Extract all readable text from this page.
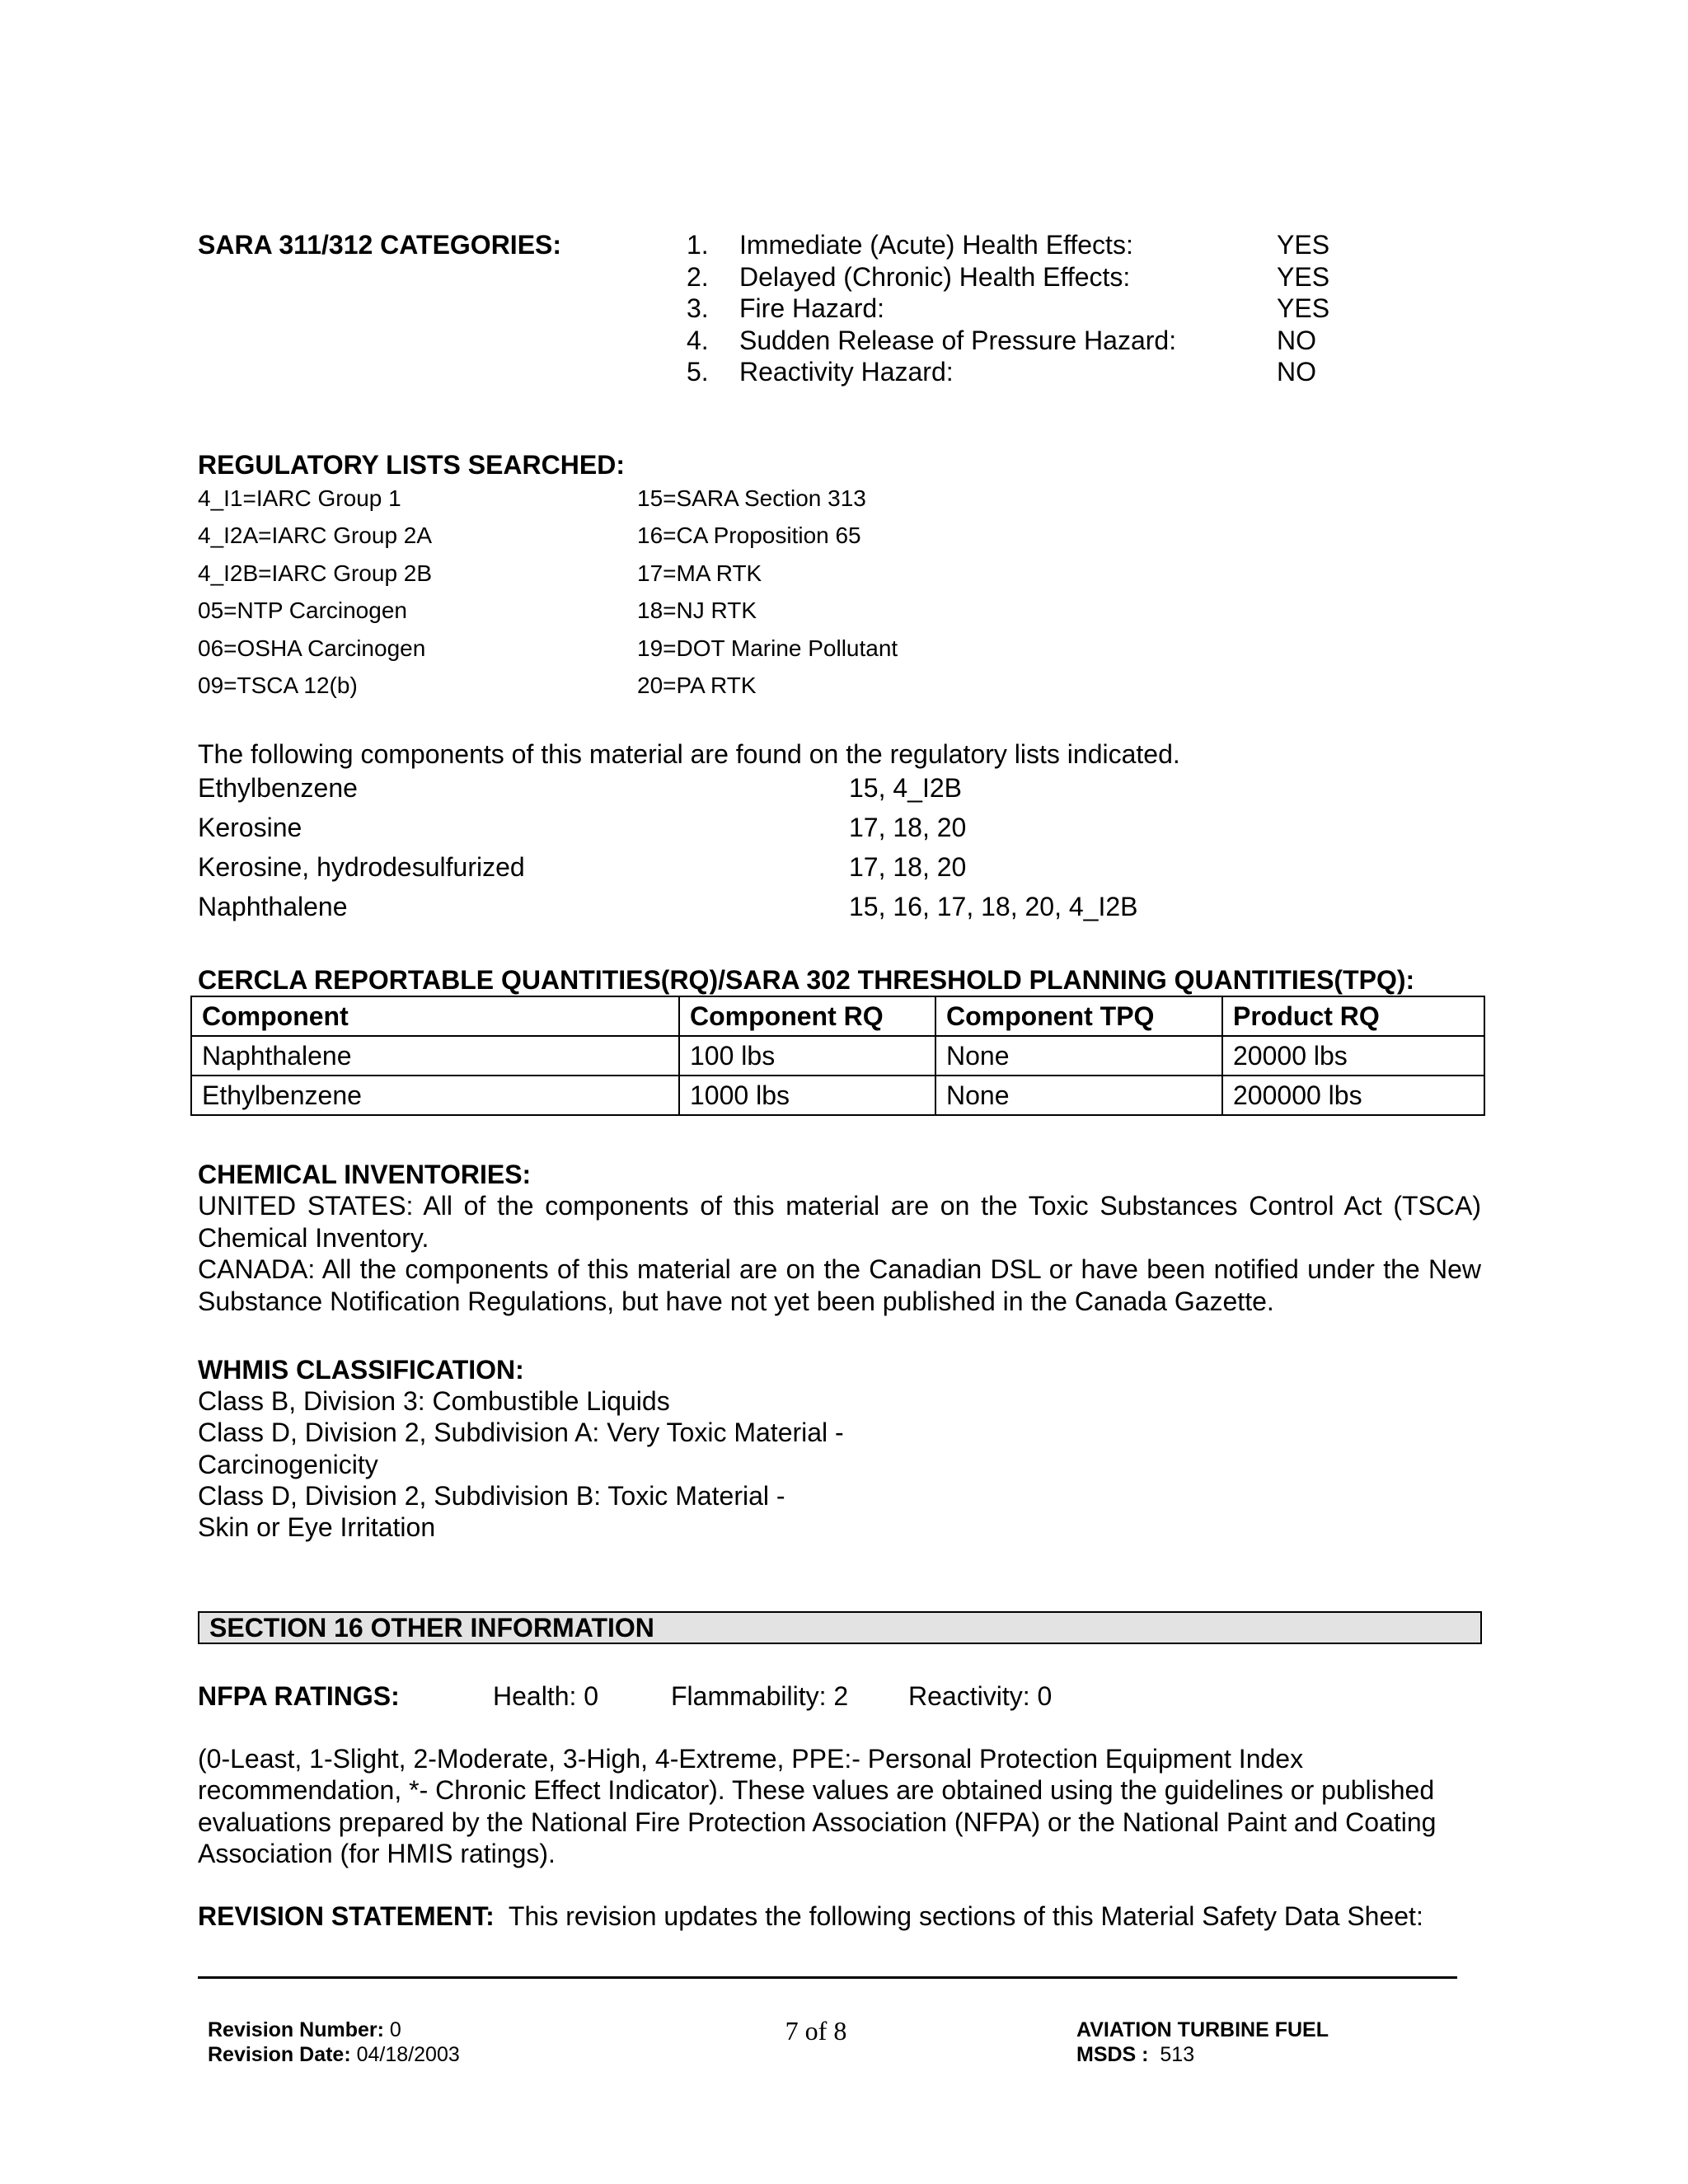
SARA 311/312 CATEGORIES:	1.	Immediate (Acute) Health Effects:	YES
2.	Delayed (Chronic) Health Effects:	YES
3.	Fire Hazard:	YES
4.	Sudden Release of Pressure Hazard:	NO
5.	Reactivity Hazard:	NO
REGULATORY LISTS SEARCHED:
4_I1=IARC Group 1	15=SARA Section 313
4_I2A=IARC Group 2A	16=CA Proposition 65
4_I2B=IARC Group 2B	17=MA RTK
05=NTP Carcinogen	18=NJ RTK
06=OSHA Carcinogen	19=DOT Marine Pollutant
09=TSCA 12(b)	20=PA RTK
The following components of this material are found on the regulatory lists indicated.
Ethylbenzene	15, 4_I2B
Kerosine	17, 18, 20
Kerosine, hydrodesulfurized	17, 18, 20
Naphthalene	15, 16, 17, 18, 20, 4_I2B
CERCLA REPORTABLE QUANTITIES(RQ)/SARA 302 THRESHOLD PLANNING QUANTITIES(TPQ):
Component	Component RQ	Component TPQ	Product RQ
Naphthalene	100 lbs	None	20000 lbs
Ethylbenzene	1000 lbs	None	200000 lbs
CHEMICAL INVENTORIES:
UNITED STATES: All of the components of this material are on the Toxic Substances Control Act (TSCA) Chemical Inventory.
CANADA: All the components of this material are on the Canadian DSL or have been notified under the New Substance Notification Regulations, but have not yet been published in the Canada Gazette.
WHMIS CLASSIFICATION:
Class B, Division 3: Combustible Liquids
Class D, Division 2, Subdivision A: Very Toxic Material -
Carcinogenicity
Class D, Division 2, Subdivision B: Toxic Material -
Skin or Eye Irritation
SECTION 16 OTHER INFORMATION
NFPA RATINGS:	Health: 0	Flammability: 2 Reactivity: 0
(0-Least, 1-Slight, 2-Moderate, 3-High, 4-Extreme, PPE:- Personal Protection Equipment Index recommendation, *- Chronic Effect Indicator). These values are obtained using the guidelines or published evaluations prepared by the National Fire Protection Association (NFPA) or the National Paint and Coating Association (for HMIS ratings).
REVISION STATEMENT: This revision updates the following sections of this Material Safety Data Sheet:
Revision Number: 0
Revision Date: 04/18/2003
7 of 8	AVIATION TURBINE FUEL
MSDS : 513
